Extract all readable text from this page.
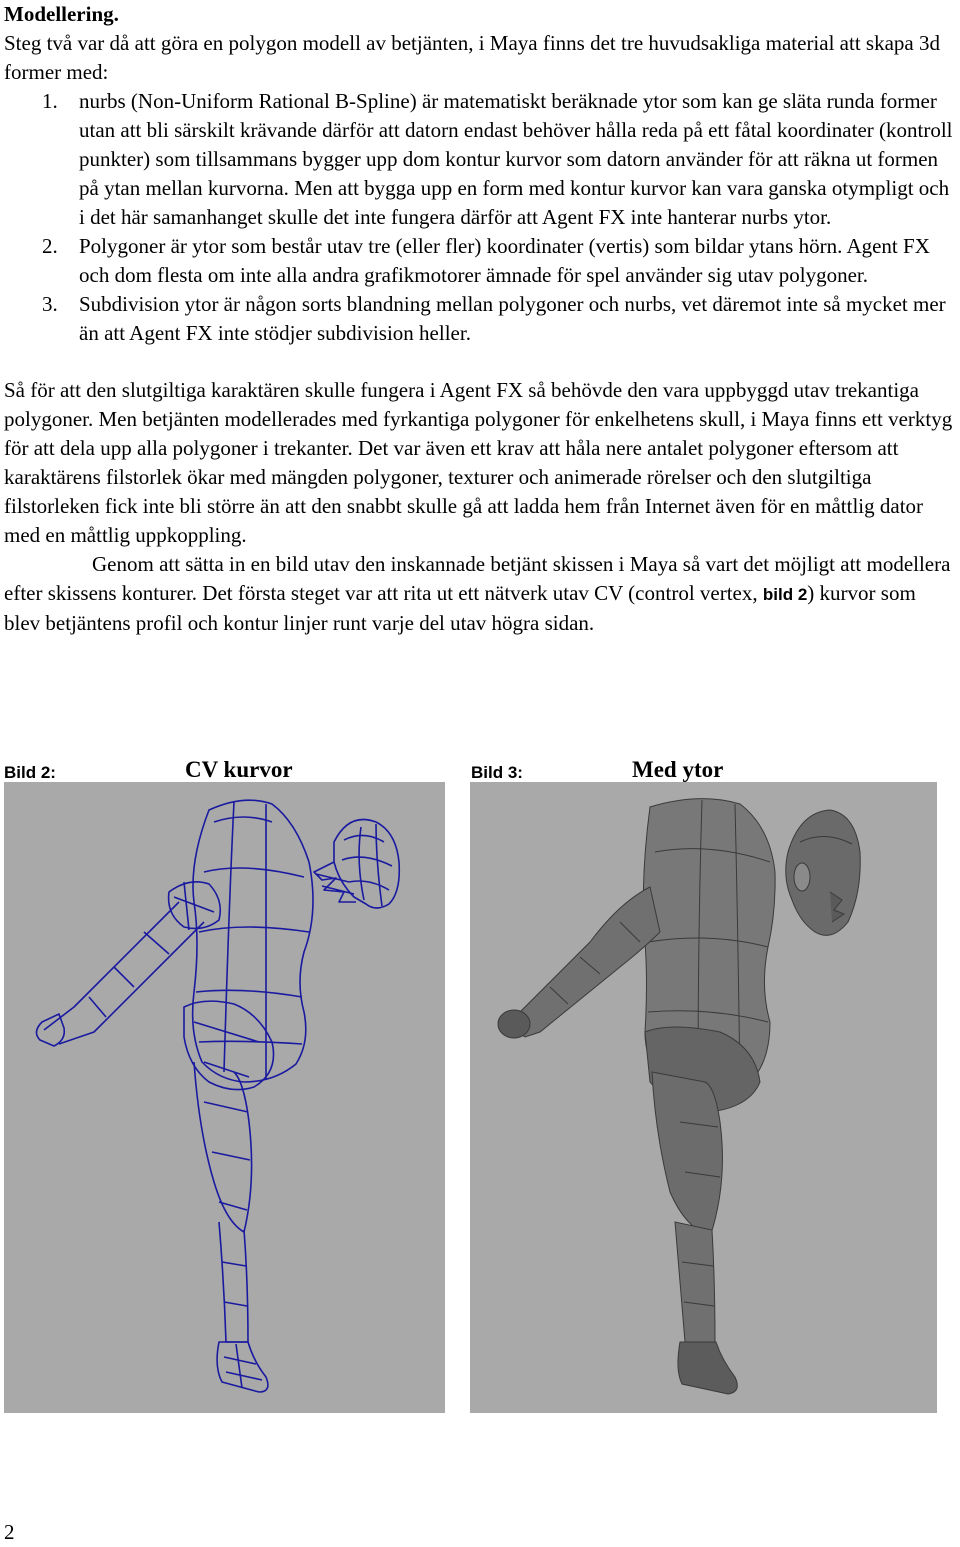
Modellering.

Steg två var då att göra en polygon modell av betjänten, i Maya finns det tre huvudsakliga material att skapa 3d former med:

1. nurbs (Non-Uniform Rational B-Spline) är matematiskt beräknade ytor som kan ge släta runda former utan att bli särskilt krävande därför att datorn endast behöver hålla reda på ett fåtal koordinater (kontroll punkter) som tillsammans bygger upp dom kontur kurvor som datorn använder för att räkna ut formen på ytan mellan kurvorna. Men att bygga upp en form med kontur kurvor kan vara ganska otympligt och i det här samanhanget skulle det inte fungera därför att Agent FX inte hanterar nurbs ytor.
2. Polygoner är ytor som består utav tre (eller fler) koordinater (vertis) som bildar ytans hörn. Agent FX och dom flesta om inte alla andra grafikmotorer ämnade för spel använder sig utav polygoner.
3. Subdivision ytor är någon sorts blandning mellan polygoner och nurbs, vet däremot inte så mycket mer än att Agent FX inte stödjer subdivision heller.

Så för att den slutgiltiga karaktären skulle fungera i Agent FX så behövde den vara uppbyggd utav trekantiga polygoner. Men betjänten modellerades med fyrkantiga polygoner för enkelhetens skull, i Maya finns ett verktyg för att dela upp alla polygoner i trekanter. Det var även ett krav att håla nere antalet polygoner eftersom att karaktärens filstorlek ökar med mängden polygoner, texturer och animerade rörelser och den slutgiltiga filstorleken fick inte bli större än att den snabbt skulle gå att ladda hem från Internet även för en måttlig dator med en måttlig uppkoppling.

Genom att sätta in en bild utav den inskannade betjänt skissen i Maya så vart det möjligt att modellera efter skissens konturer. Det första steget var att rita ut ett nätverk utav CV (control vertex, bild 2) kurvor som blev betjäntens profil och kontur linjer runt varje del utav högra sidan.

Bild 2:	CV kurvor	Bild 3:	Med ytor
2
